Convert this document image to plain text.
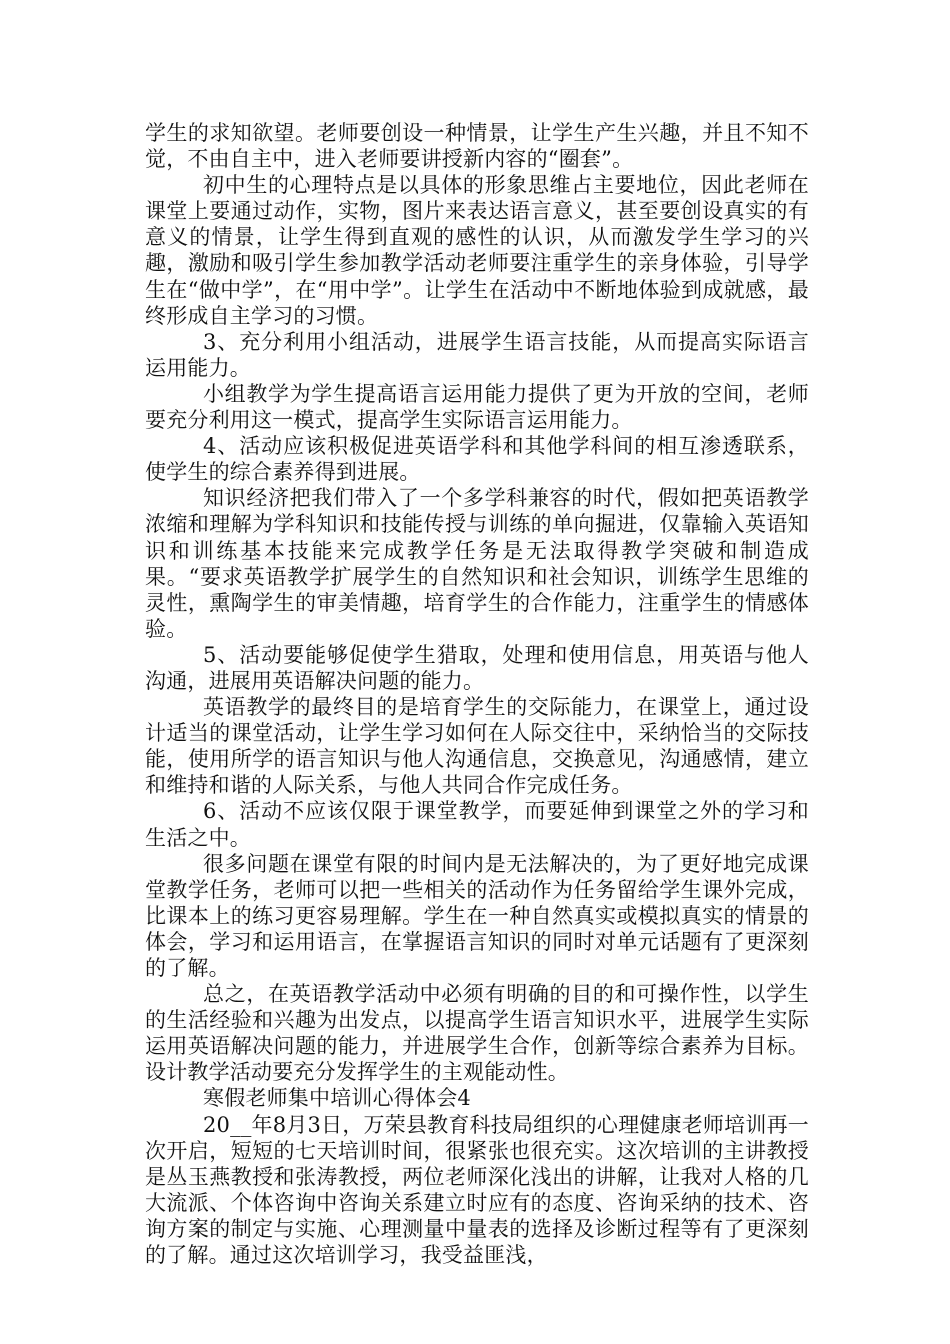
学生的求知欲望。老师要创设一种情景，让学生产生兴趣，并且不知不觉，不由自主中，进入老师要讲授新内容的“圈套”。

初中生的心理特点是以具体的形象思维占主要地位，因此老师在课堂上要通过动作，实物，图片来表达语言意义，甚至要创设真实的有意义的情景，让学生得到直观的感性的认识，从而激发学生学习的兴趣，激励和吸引学生参加教学活动老师要注重学生的亲身体验，引导学生在“做中学”，在“用中学”。让学生在活动中不断地体验到成就感，最终形成自主学习的习惯。

3、充分利用小组活动，进展学生语言技能，从而提高实际语言运用能力。

小组教学为学生提高语言运用能力提供了更为开放的空间，老师要充分利用这一模式，提高学生实际语言运用能力。

4、活动应该积极促进英语学科和其他学科间的相互渗透联系，使学生的综合素养得到进展。

知识经济把我们带入了一个多学科兼容的时代，假如把英语教学浓缩和理解为学科知识和技能传授与训练的单向掘进，仅靠输入英语知识和训练基本技能来完成教学任务是无法取得教学突破和制造成果。“要求英语教学扩展学生的自然知识和社会知识，训练学生思维的灵性，熏陶学生的审美情趣，培育学生的合作能力，注重学生的情感体验。

5、活动要能够促使学生猎取，处理和使用信息，用英语与他人沟通，进展用英语解决问题的能力。

英语教学的最终目的是培育学生的交际能力，在课堂上，通过设计适当的课堂活动，让学生学习如何在人际交往中，采纳恰当的交际技能，使用所学的语言知识与他人沟通信息，交换意见，沟通感情，建立和维持和谐的人际关系，与他人共同合作完成任务。

6、活动不应该仅限于课堂教学，而要延伸到课堂之外的学习和生活之中。

很多问题在课堂有限的时间内是无法解决的，为了更好地完成课堂教学任务，老师可以把一些相关的活动作为任务留给学生课外完成，比课本上的练习更容易理解。学生在一种自然真实或模拟真实的情景的体会，学习和运用语言，在掌握语言知识的同时对单元话题有了更深刻的了解。

总之，在英语教学活动中必须有明确的目的和可操作性，以学生的生活经验和兴趣为出发点，以提高学生语言知识水平，进展学生实际运用英语解决问题的能力，并进展学生合作，创新等综合素养为目标。设计教学活动要充分发挥学生的主观能动性。

寒假老师集中培训心得体会4

20__年8月3日，万荣县教育科技局组织的心理健康老师培训再一次开启，短短的七天培训时间，很紧张也很充实。这次培训的主讲教授是丛玉燕教授和张涛教授，两位老师深化浅出的讲解，让我对人格的几大流派、个体咨询中咨询关系建立时应有的态度、咨询采纳的技术、咨询方案的制定与实施、心理测量中量表的选择及诊断过程等有了更深刻的了解。通过这次培训学习，我受益匪浅，
